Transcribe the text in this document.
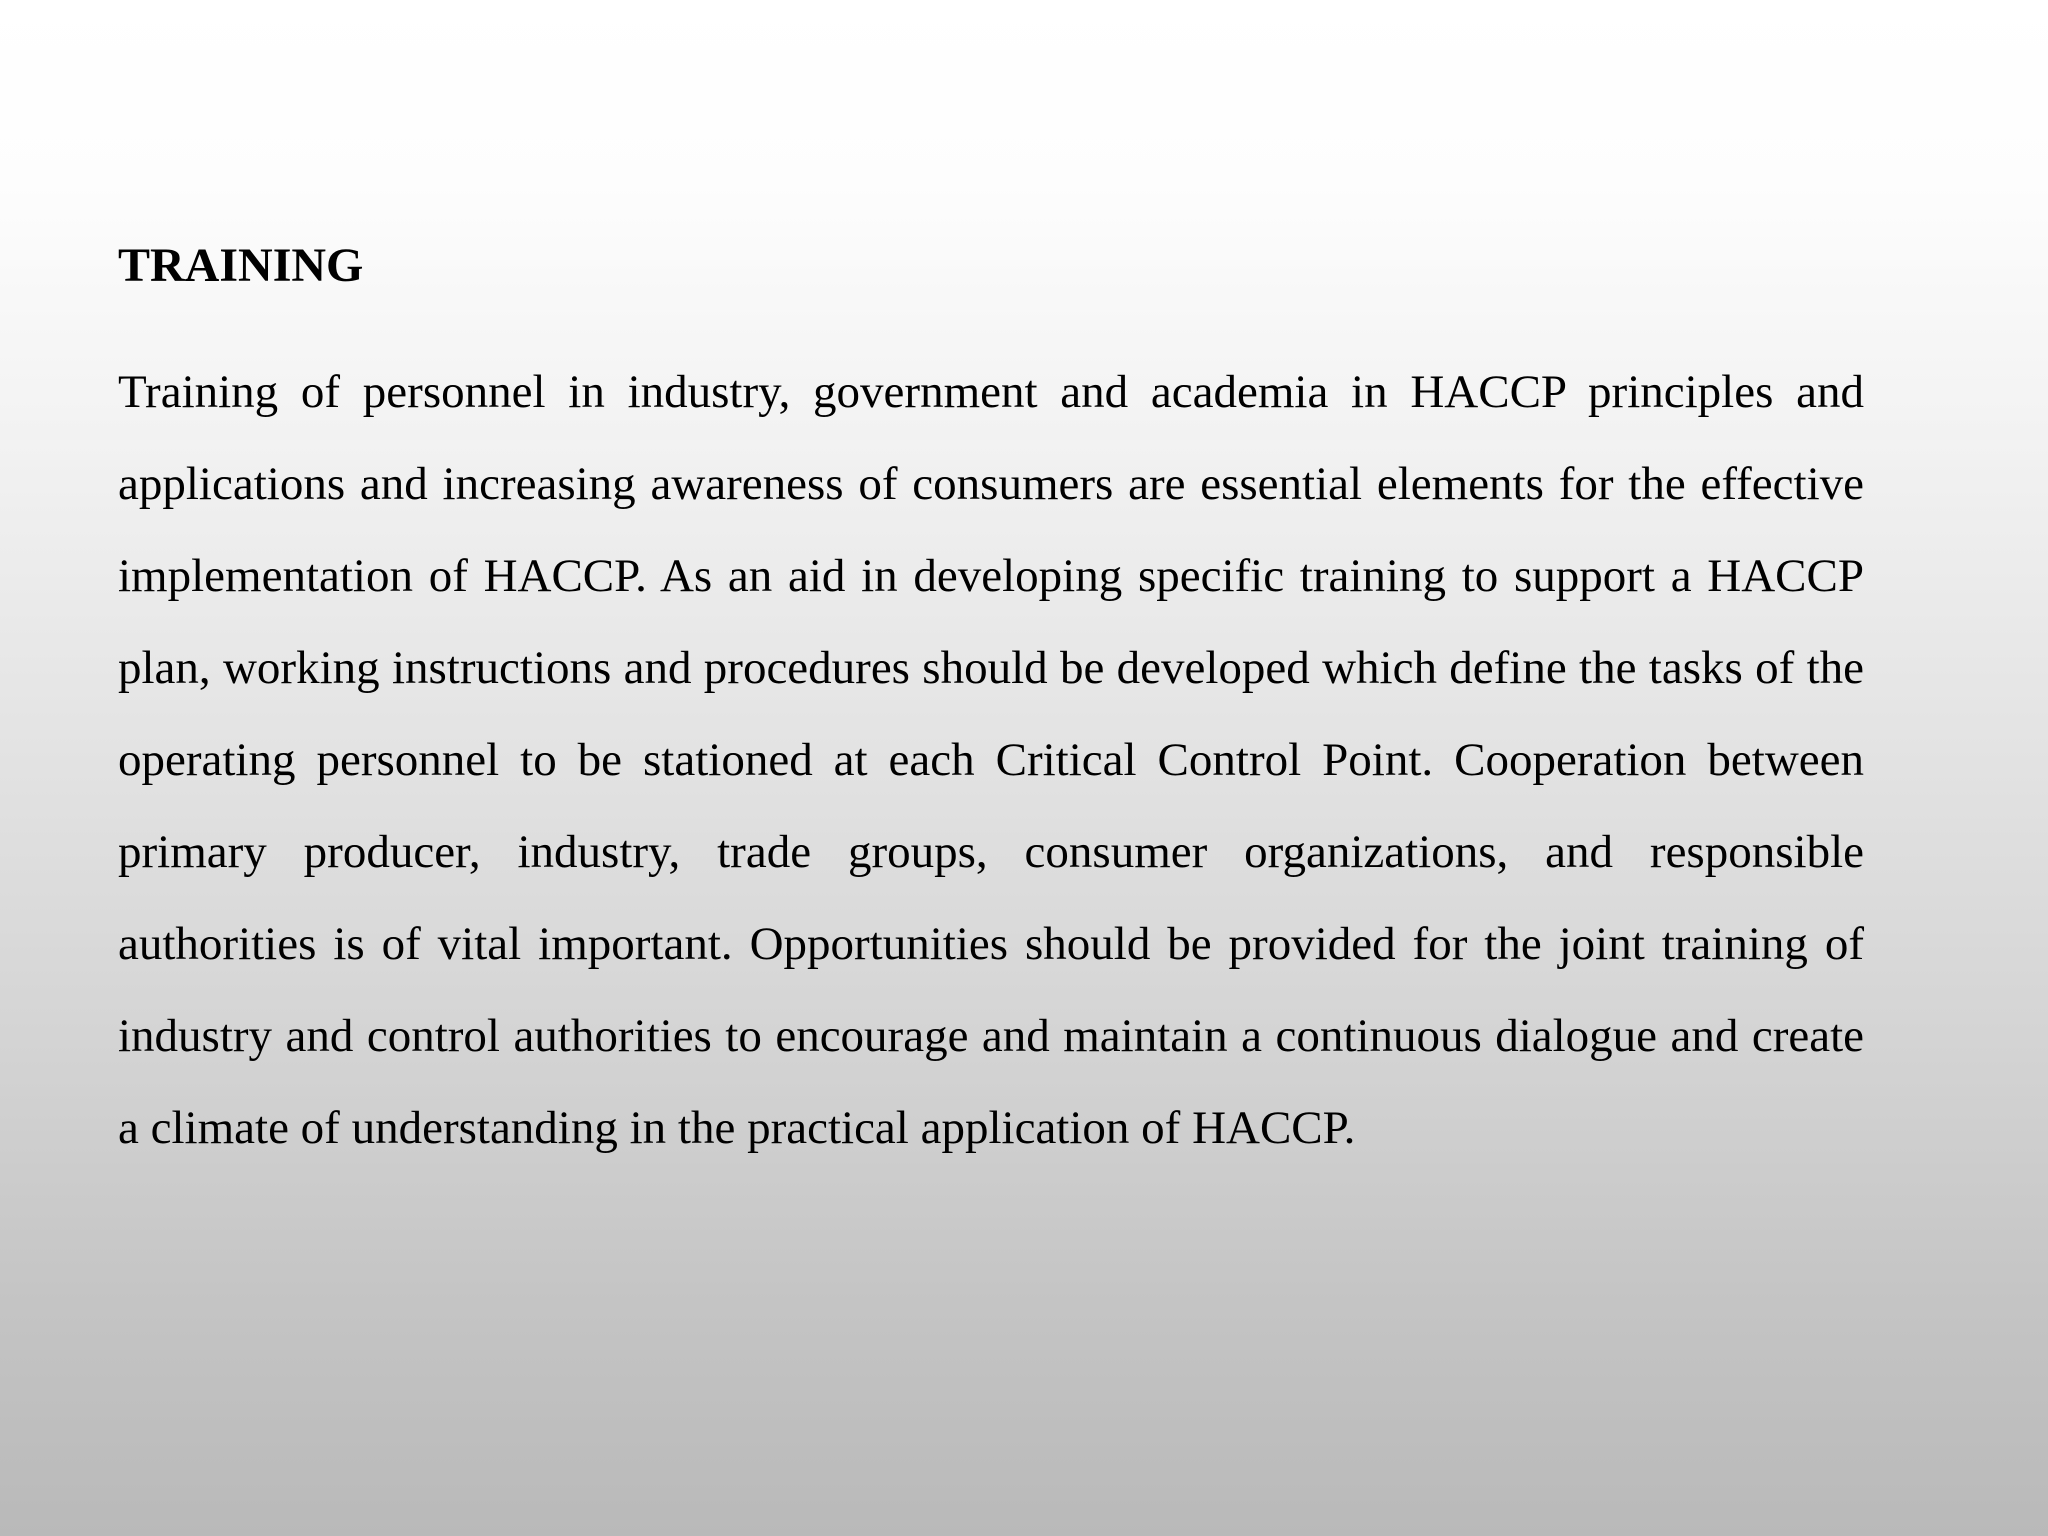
TRAINING

Training of personnel in industry, government and academia in HACCP principles and applications and increasing awareness of consumers are essential elements for the effective implementation of HACCP. As an aid in developing specific training to support a HACCP plan, working instructions and procedures should be developed which define the tasks of the operating personnel to be stationed at each Critical Control Point. Cooperation between primary producer, industry, trade groups, consumer organizations, and responsible authorities is of vital important. Opportunities should be provided for the joint training of industry and control authorities to encourage and maintain a continuous dialogue and create a climate of understanding in the practical application of HACCP.
